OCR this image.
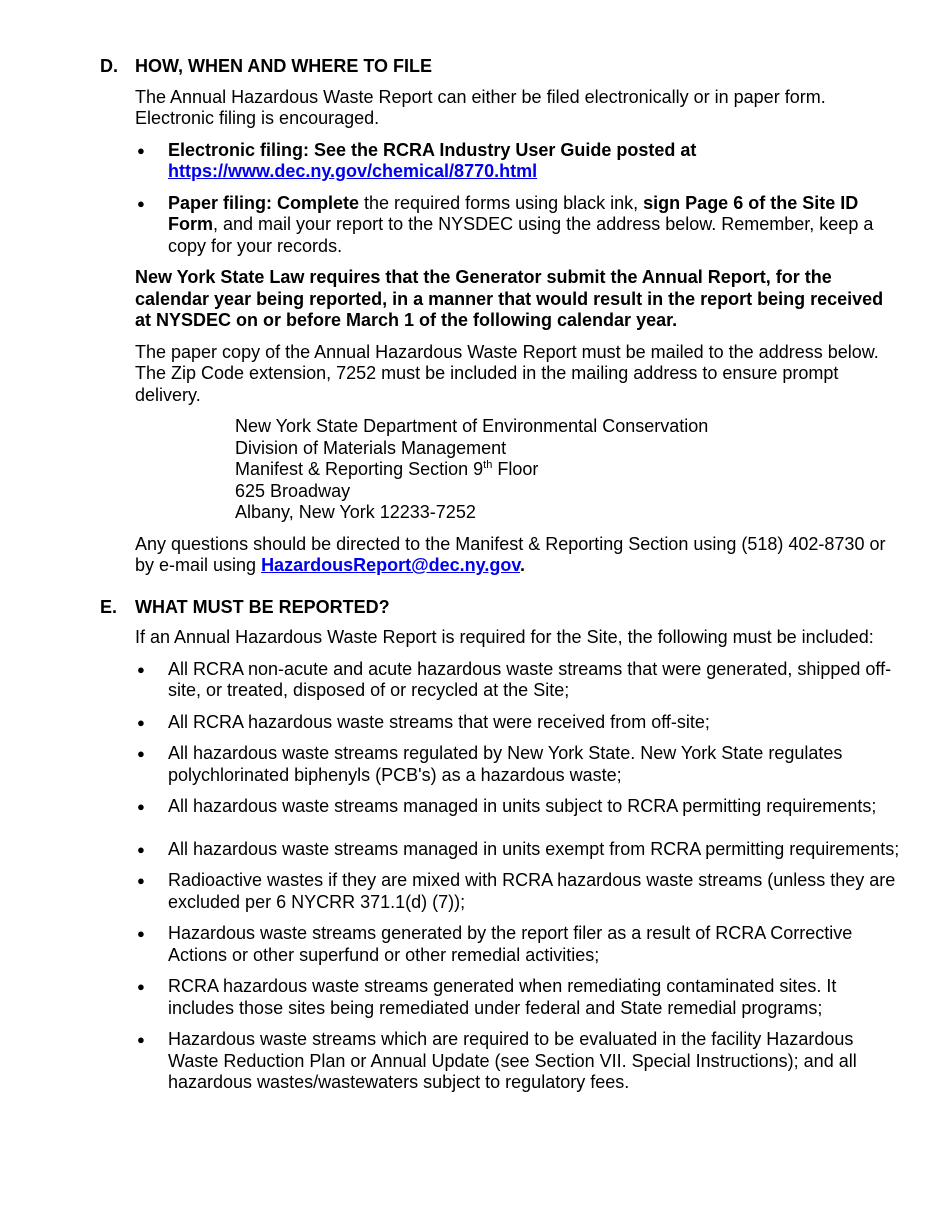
D. HOW, WHEN AND WHERE TO FILE

The Annual Hazardous Waste Report can either be filed electronically or in paper form. Electronic filing is encouraged.

● Electronic filing: See the RCRA Industry User Guide posted at
https://www.dec.ny.gov/chemical/8770.html
● Paper filing: Complete the required forms using black ink, sign Page 6 of the Site ID Form, and mail your report to the NYSDEC using the address below. Remember, keep a copy for your records.

New York State Law requires that the Generator submit the Annual Report, for the calendar year being reported, in a manner that would result in the report being received at NYSDEC on or before March 1 of the following calendar year.

The paper copy of the Annual Hazardous Waste Report must be mailed to the address below. The Zip Code extension, 7252 must be included in the mailing address to ensure prompt delivery.

New York State Department of Environmental Conservation
Division of Materials Management
Manifest & Reporting Section 9th Floor
625 Broadway
Albany, New York 12233-7252

Any questions should be directed to the Manifest & Reporting Section using (518) 402-8730 or by e-mail using HazardousReport@dec.ny.gov.

E. WHAT MUST BE REPORTED?

If an Annual Hazardous Waste Report is required for the Site, the following must be included:

● All RCRA non-acute and acute hazardous waste streams that were generated, shipped off-site, or treated, disposed of or recycled at the Site;
● All RCRA hazardous waste streams that were received from off-site;
● All hazardous waste streams regulated by New York State. New York State regulates polychlorinated biphenyls (PCB's) as a hazardous waste;
● All hazardous waste streams managed in units subject to RCRA permitting requirements;
● All hazardous waste streams managed in units exempt from RCRA permitting requirements;
● Radioactive wastes if they are mixed with RCRA hazardous waste streams (unless they are excluded per 6 NYCRR 371.1(d) (7));
● Hazardous waste streams generated by the report filer as a result of RCRA Corrective Actions or other superfund or other remedial activities;
● RCRA hazardous waste streams generated when remediating contaminated sites. It includes those sites being remediated under federal and State remedial programs;
● Hazardous waste streams which are required to be evaluated in the facility Hazardous Waste Reduction Plan or Annual Update (see Section VII. Special Instructions); and all hazardous wastes/wastewaters subject to regulatory fees.
